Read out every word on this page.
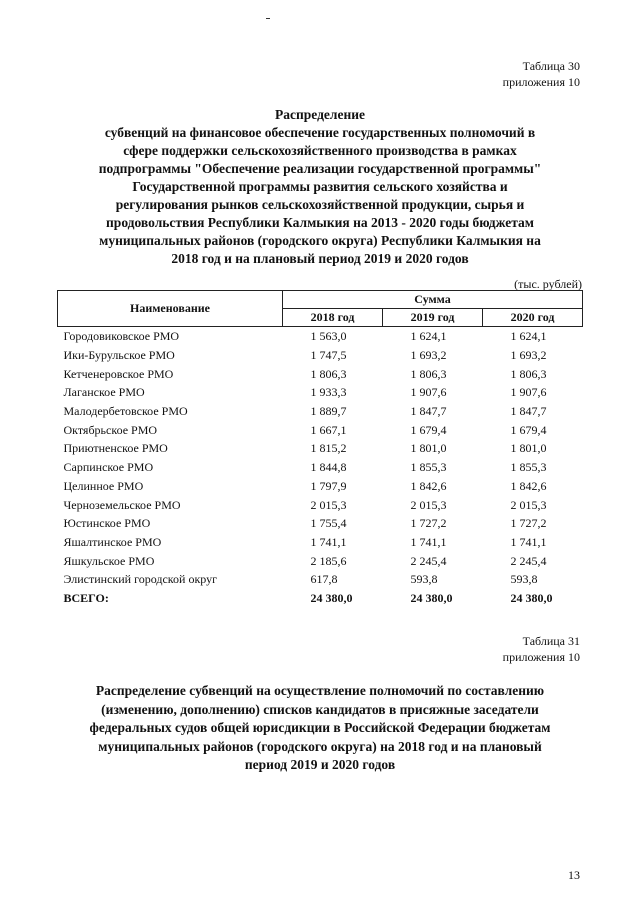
Таблица 30
приложения 10
Распределение
субвенций на финансовое обеспечение государственных полномочий в
сфере поддержки сельскохозяйственного производства в рамках
подпрограммы "Обеспечение реализации государственной программы"
Государственной программы развития сельского хозяйства и
регулирования рынков сельскохозяйственной продукции, сырья и
продовольствия Республики Калмыкия на 2013 - 2020 годы бюджетам
муниципальных районов (городского округа) Республики Калмыкия на
2018 год и на плановый период 2019 и 2020 годов
(тыс. рублей)
Наименование	Сумма		
	2018 год	2019 год	2020 год
Городовиковское РМО	1 563,0	1 624,1	1 624,1
Ики-Бурульское РМО	1 747,5	1 693,2	1 693,2
Кетченеровское РМО	1 806,3	1 806,3	1 806,3
Лаганское РМО	1 933,3	1 907,6	1 907,6
Малодербетовское РМО	1 889,7	1 847,7	1 847,7
Октябрьское РМО	1 667,1	1 679,4	1 679,4
Приютненское РМО	1 815,2	1 801,0	1 801,0
Сарпинское РМО	1 844,8	1 855,3	1 855,3
Целинное РМО	1 797,9	1 842,6	1 842,6
Черноземельское РМО	2 015,3	2 015,3	2 015,3
Юстинское РМО	1 755,4	1 727,2	1 727,2
Яшалтинское РМО	1 741,1	1 741,1	1 741,1
Яшкульское РМО	2 185,6	2 245,4	2 245,4
Элистинский городской округ	617,8	593,8	593,8
ВСЕГО:	24 380,0	24 380,0	24 380,0
Таблица 31
приложения 10
Распределение субвенций на осуществление полномочий по составлению
(изменению, дополнению) списков кандидатов в присяжные заседатели
федеральных судов общей юрисдикции в Российской Федерации бюджетам
муниципальных районов (городского округа) на 2018 год и на плановый
период 2019 и 2020 годов
13
